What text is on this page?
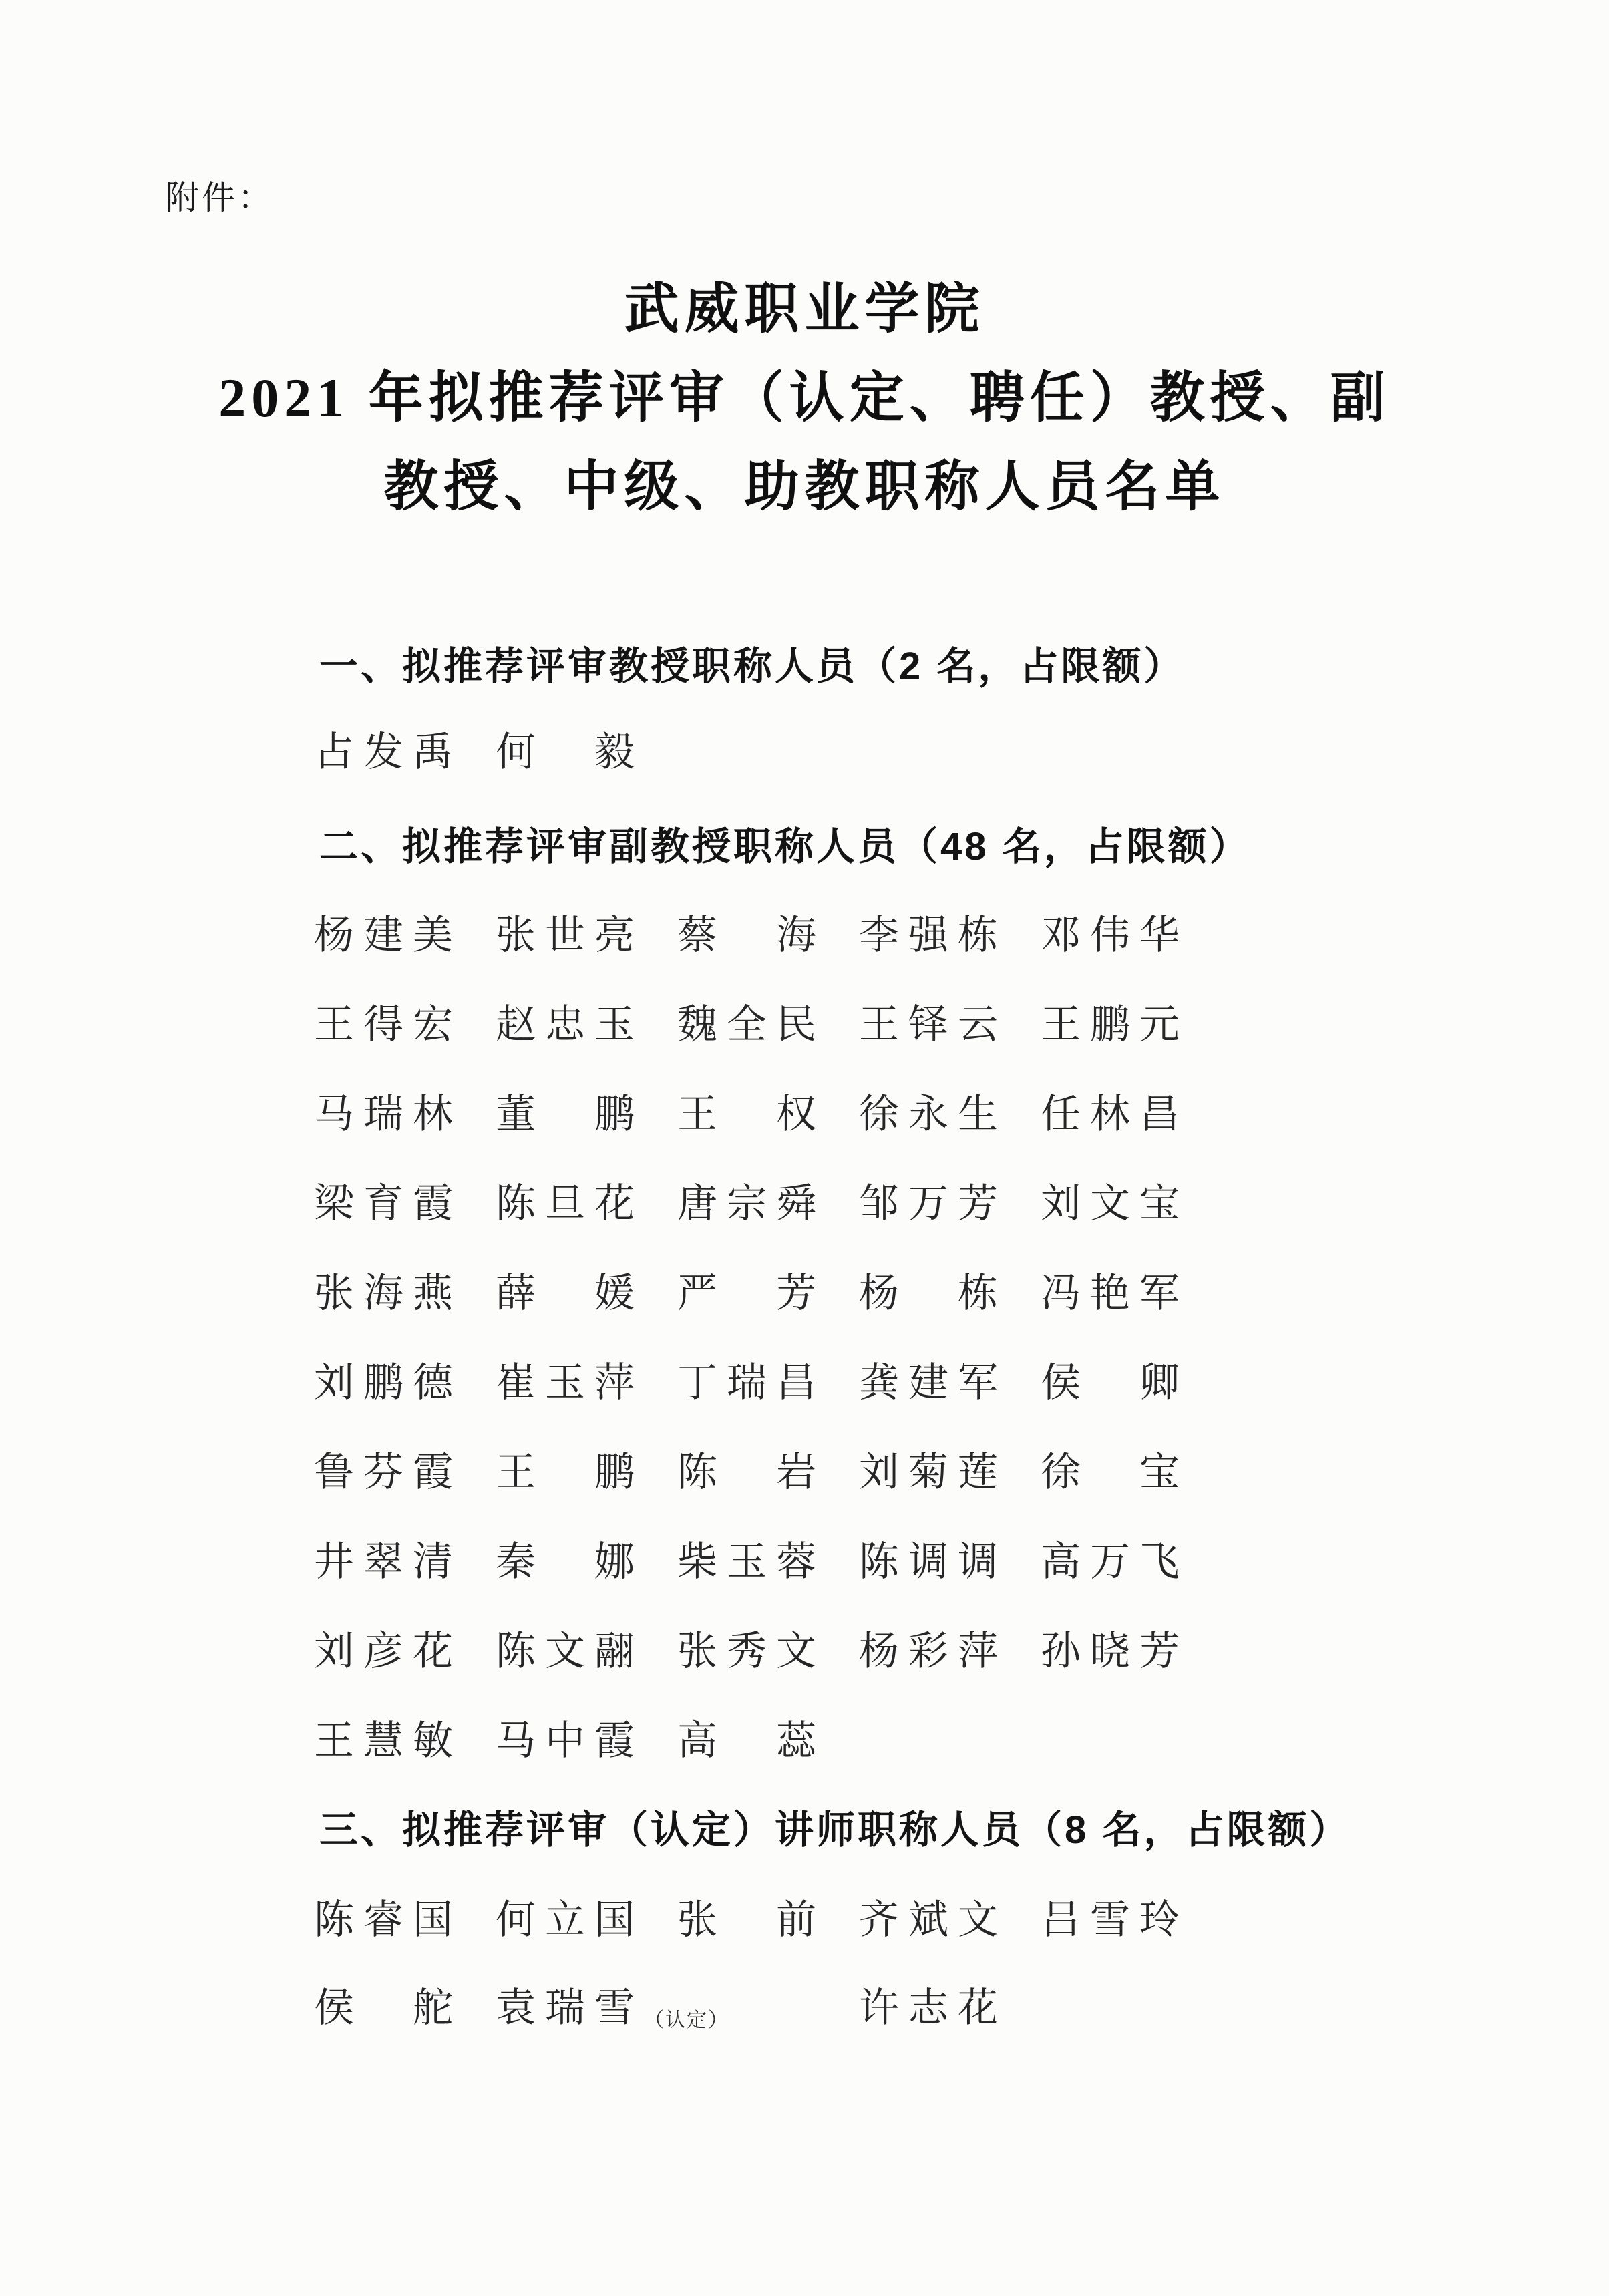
附件：
武威职业学院
2021 年拟推荐评审（认定、聘任）教授、副
教授、中级、助教职称人员名单
一、拟推荐评审教授职称人员（2 名，占限额）
占发禹 何　毅
二、拟推荐评审副教授职称人员（48 名，占限额）
杨建美 张世亮 蔡　海 李强栋 邓伟华
王得宏 赵忠玉 魏全民 王铎云 王鹏元
马瑞林 董　鹏 王　权 徐永生 任林昌
梁育霞 陈旦花 唐宗舜 邹万芳 刘文宝
张海燕 薛　媛 严　芳 杨　栋 冯艳军
刘鹏德 崔玉萍 丁瑞昌 龚建军 侯　卿
鲁芬霞 王　鹏 陈　岩 刘菊莲 徐　宝
井翠清 秦　娜 柴玉蓉 陈调调 高万飞
刘彦花 陈文翮 张秀文 杨彩萍 孙晓芳
王慧敏 马中霞 高　蕊
三、拟推荐评审（认定）讲师职称人员（8 名，占限额）
陈睿国 何立国 张　前 齐斌文 吕雪玲
侯　舵 袁瑞雪$_{(认定)}$	许志花
